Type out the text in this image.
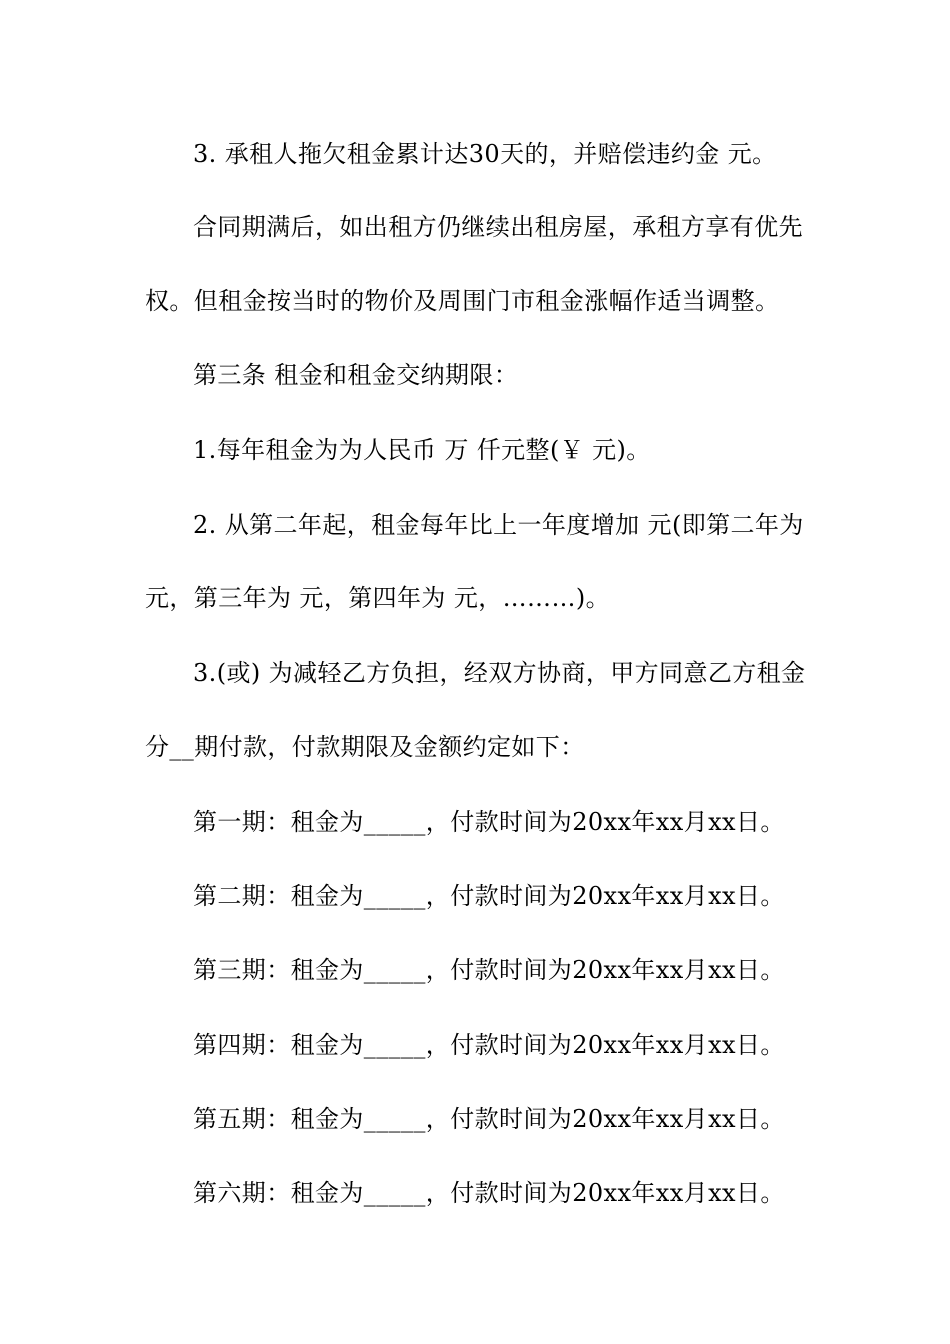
3. 承租人拖欠租金累计达30天的，并赔偿违约金 元。
合同期满后，如出租方仍继续出租房屋，承租方享有优先
权。但租金按当时的物价及周围门市租金涨幅作适当调整。
第三条 租金和租金交纳期限：
1.每年租金为为人民币 万 仟元整(￥ 元)。
2. 从第二年起，租金每年比上一年度增加 元(即第二年为
元，第三年为 元，第四年为 元，………)。
3.(或) 为减轻乙方负担，经双方协商，甲方同意乙方租金
分__期付款，付款期限及金额约定如下：
第一期：租金为_____，付款时间为20xx年xx月xx日。
第二期：租金为_____，付款时间为20xx年xx月xx日。
第三期：租金为_____，付款时间为20xx年xx月xx日。
第四期：租金为_____，付款时间为20xx年xx月xx日。
第五期：租金为_____，付款时间为20xx年xx月xx日。
第六期：租金为_____，付款时间为20xx年xx月xx日。
